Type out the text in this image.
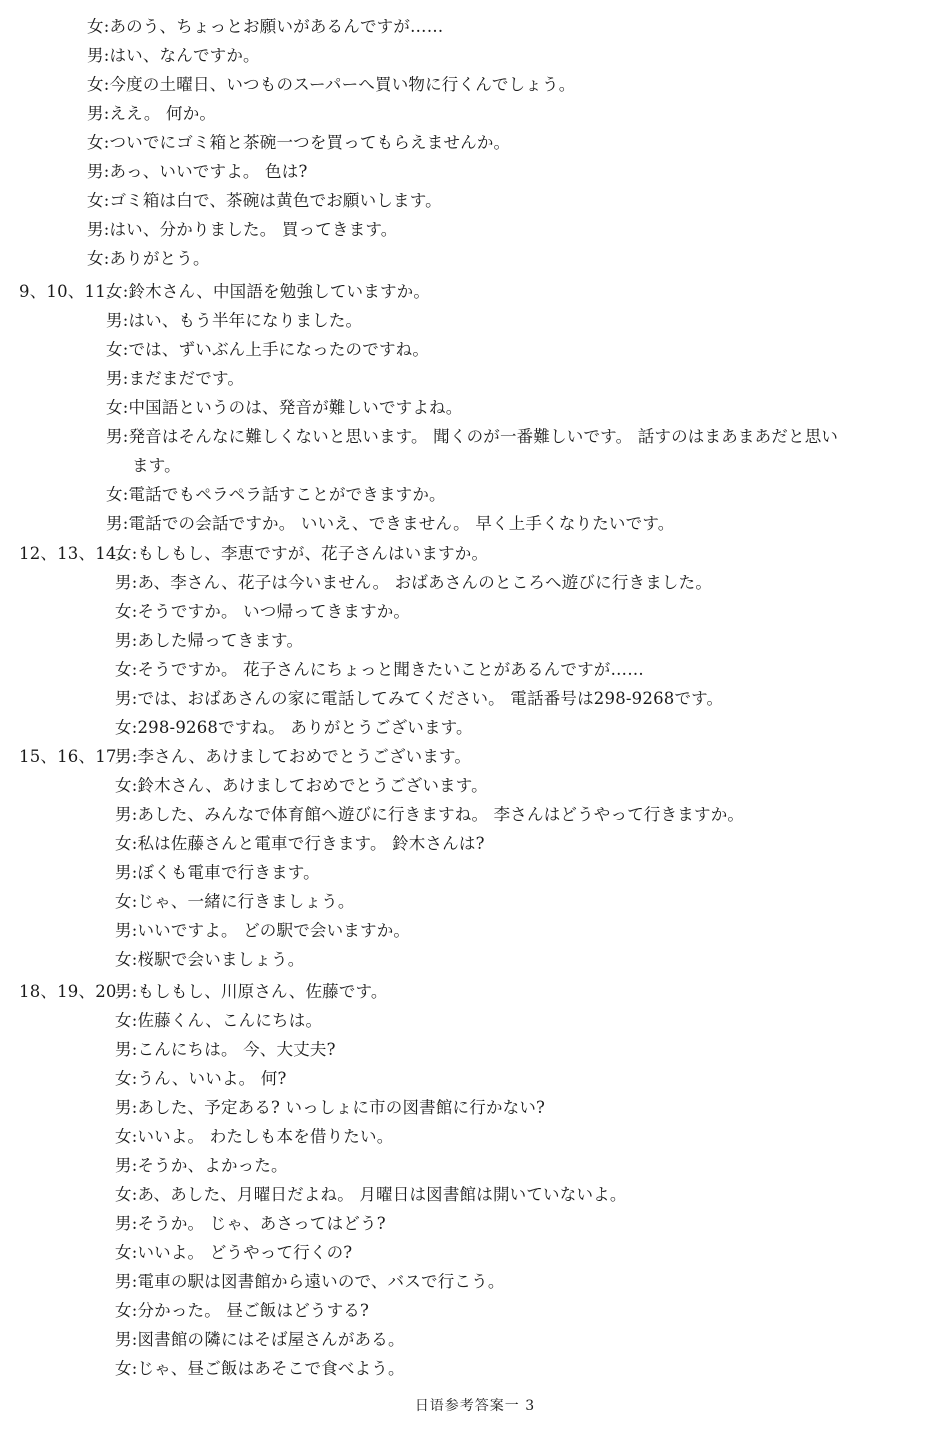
女:あのう、ちょっとお願いがあるんですが……
男:はい、なんですか。
女:今度の土曜日、いつものスーパーへ買い物に行くんでしょう。
男:ええ。 何か。
女:ついでにゴミ箱と茶碗一つを買ってもらえませんか。
男:あっ、いいですよ。 色は?
女:ゴミ箱は白で、茶碗は黄色でお願いします。
男:はい、分かりました。 買ってきます。
女:ありがとう。
9、10、11.
女:鈴木さん、中国語を勉強していますか。
男:はい、もう半年になりました。
女:では、ずいぶん上手になったのですね。
男:まだまだです。
女:中国語というのは、発音が難しいですよね。
男:発音はそんなに難しくないと思います。 聞くのが一番難しいです。 話すのはまあまあだと思い
ます。
女:電話でもペラペラ話すことができますか。
男:電話での会話ですか。 いいえ、できません。 早く上手くなりたいです。
12、13、14.
女:もしもし、李恵ですが、花子さんはいますか。
男:あ、李さん、花子は今いません。 おばあさんのところへ遊びに行きました。
女:そうですか。 いつ帰ってきますか。
男:あした帰ってきます。
女:そうですか。 花子さんにちょっと聞きたいことがあるんですが……
男:では、おばあさんの家に電話してみてください。 電話番号は298-9268です。
女:298-9268ですね。 ありがとうございます。
15、16、17.
男:李さん、あけましておめでとうございます。
女:鈴木さん、あけましておめでとうございます。
男:あした、みんなで体育館へ遊びに行きますね。 李さんはどうやって行きますか。
女:私は佐藤さんと電車で行きます。 鈴木さんは?
男:ぼくも電車で行きます。
女:じゃ、一緒に行きましょう。
男:いいですよ。 どの駅で会いますか。
女:桜駅で会いましょう。
18、19、20.
男:もしもし、川原さん、佐藤です。
女:佐藤くん、こんにちは。
男:こんにちは。 今、大丈夫?
女:うん、いいよ。 何?
男:あした、予定ある? いっしょに市の図書館に行かない?
女:いいよ。 わたしも本を借りたい。
男:そうか、よかった。
女:あ、あした、月曜日だよね。 月曜日は図書館は開いていないよ。
男:そうか。 じゃ、あさってはどう?
女:いいよ。 どうやって行くの?
男:電車の駅は図書館から遠いので、バスで行こう。
女:分かった。 昼ご飯はどうする?
男:図書館の隣にはそば屋さんがある。
女:じゃ、昼ご飯はあそこで食べよう。
日语参考答案一 3
